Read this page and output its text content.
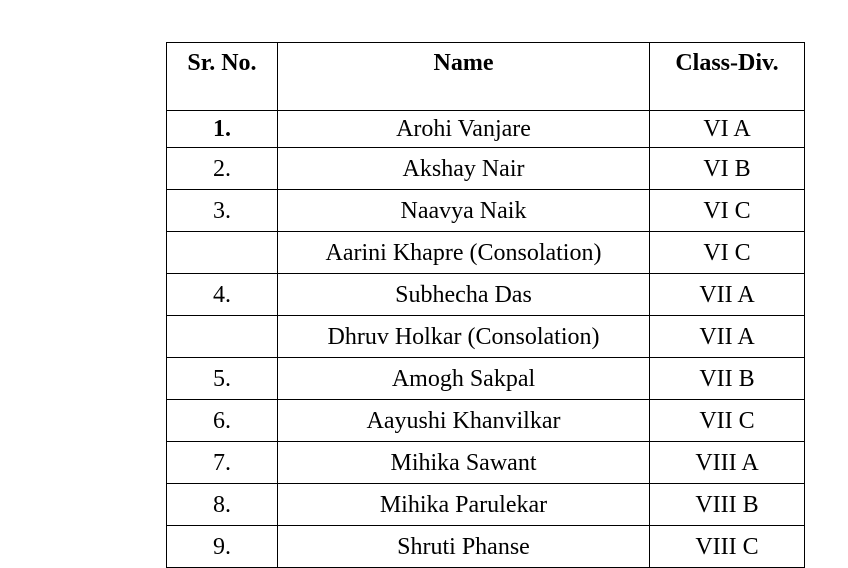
Sr. No.	Name	Class-Div.
1.	Arohi Vanjare	VI A
2.	Akshay Nair	VI B
3.	Naavya Naik	VI C
	Aarini Khapre (Consolation)	VI C
4.	Subhecha Das	VII A
	Dhruv Holkar (Consolation)	VII A
5.	Amogh Sakpal	VII B
6.	Aayushi Khanvilkar	VII C
7.	Mihika Sawant	VIII A
8.	Mihika Parulekar	VIII B
9.	Shruti Phanse	VIII C
